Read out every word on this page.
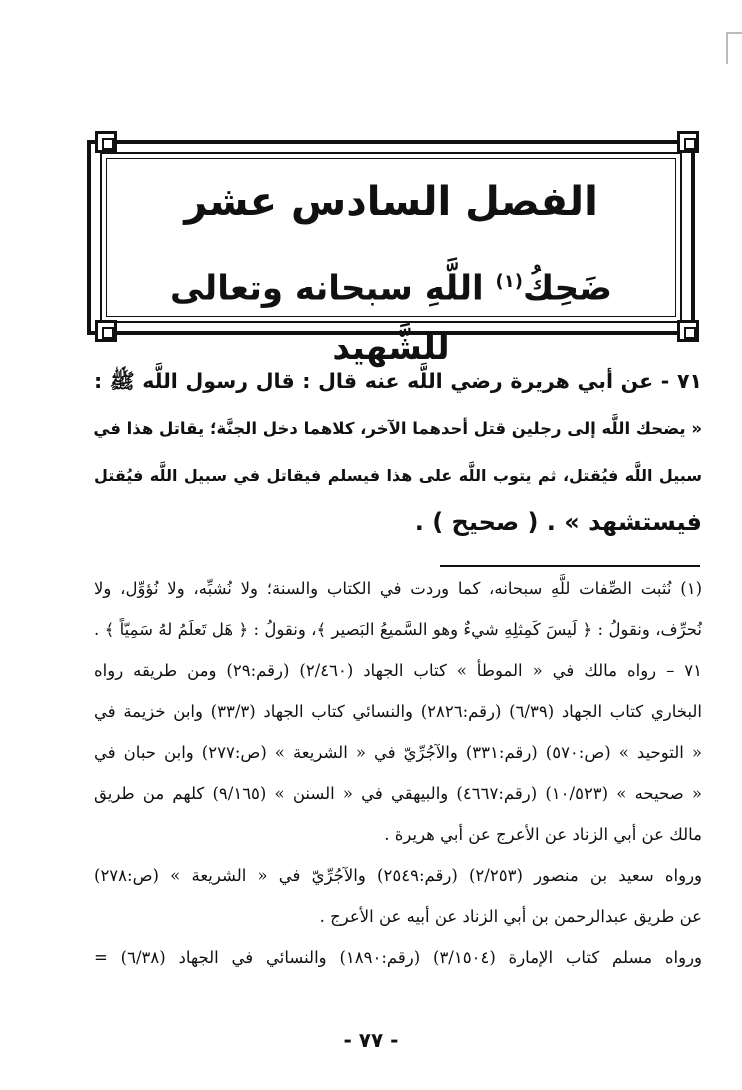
الفصل السادس عشر
ضَحِكُ$^{(١)}$ اللَّهِ سبحانه وتعالى للشَّهيد
٧١ - عن أبي هريرة رضي اللَّه عنه قال : قال رسول اللَّه ﷺ :
« يضحك اللَّه إلى رجلين قتل أحدهما الآخر، كلاهما دخل الجنَّة؛ يقاتل هذا في
سبيل اللَّه فيُقتل، ثم يتوب اللَّه على هذا فيسلم فيقاتل في سبيل اللَّه فيُقتل
فيستشهد » . ( صحيح ) .
(١) نُثبت الصِّفات للَّهِ سبحانه، كما وردت في الكتاب والسنة؛ ولا نُشبِّه، ولا نُؤوِّل، ولا
نُحرِّف، ونقولُ : ﴿ لَيسَ كَمِثلِهِ شيءٌ وهو السَّميعُ البَصير ﴾، ونقولُ : ﴿ هَل تَعلَمُ لهُ سَمِيّاً ﴾ .
٧١ – رواه مالك في « الموطأ » كتاب الجهاد (٢/٤٦٠) (رقم:٢٩) ومن طريقه رواه
البخاري كتاب الجهاد (٦/٣٩) (رقم:٢٨٢٦) والنسائي كتاب الجهاد (٣٣/٣) وابن خزيمة في
« التوحيد » (ص:٥٧٠) (رقم:٣٣١) والآجُرِّيّ في « الشريعة » (ص:٢٧٧) وابن حبان في
« صحيحه » (١٠/٥٢٣) (رقم:٤٦٦٧) والبيهقي في « السنن » (٩/١٦٥) كلهم من طريق
مالك عن أبي الزناد عن الأعرج عن أبي هريرة .
ورواه سعيد بن منصور (٢/٢٥٣) (رقم:٢٥٤٩) والآجُرِّيّ في « الشريعة » (ص:٢٧٨)
عن طريق عبدالرحمن بن أبي الزناد عن أبيه عن الأعرج .
ورواه مسلم كتاب الإمارة (٣/١٥٠٤) (رقم:١٨٩٠) والنسائي في الجهاد (٦/٣٨) =
- ٧٧ -
